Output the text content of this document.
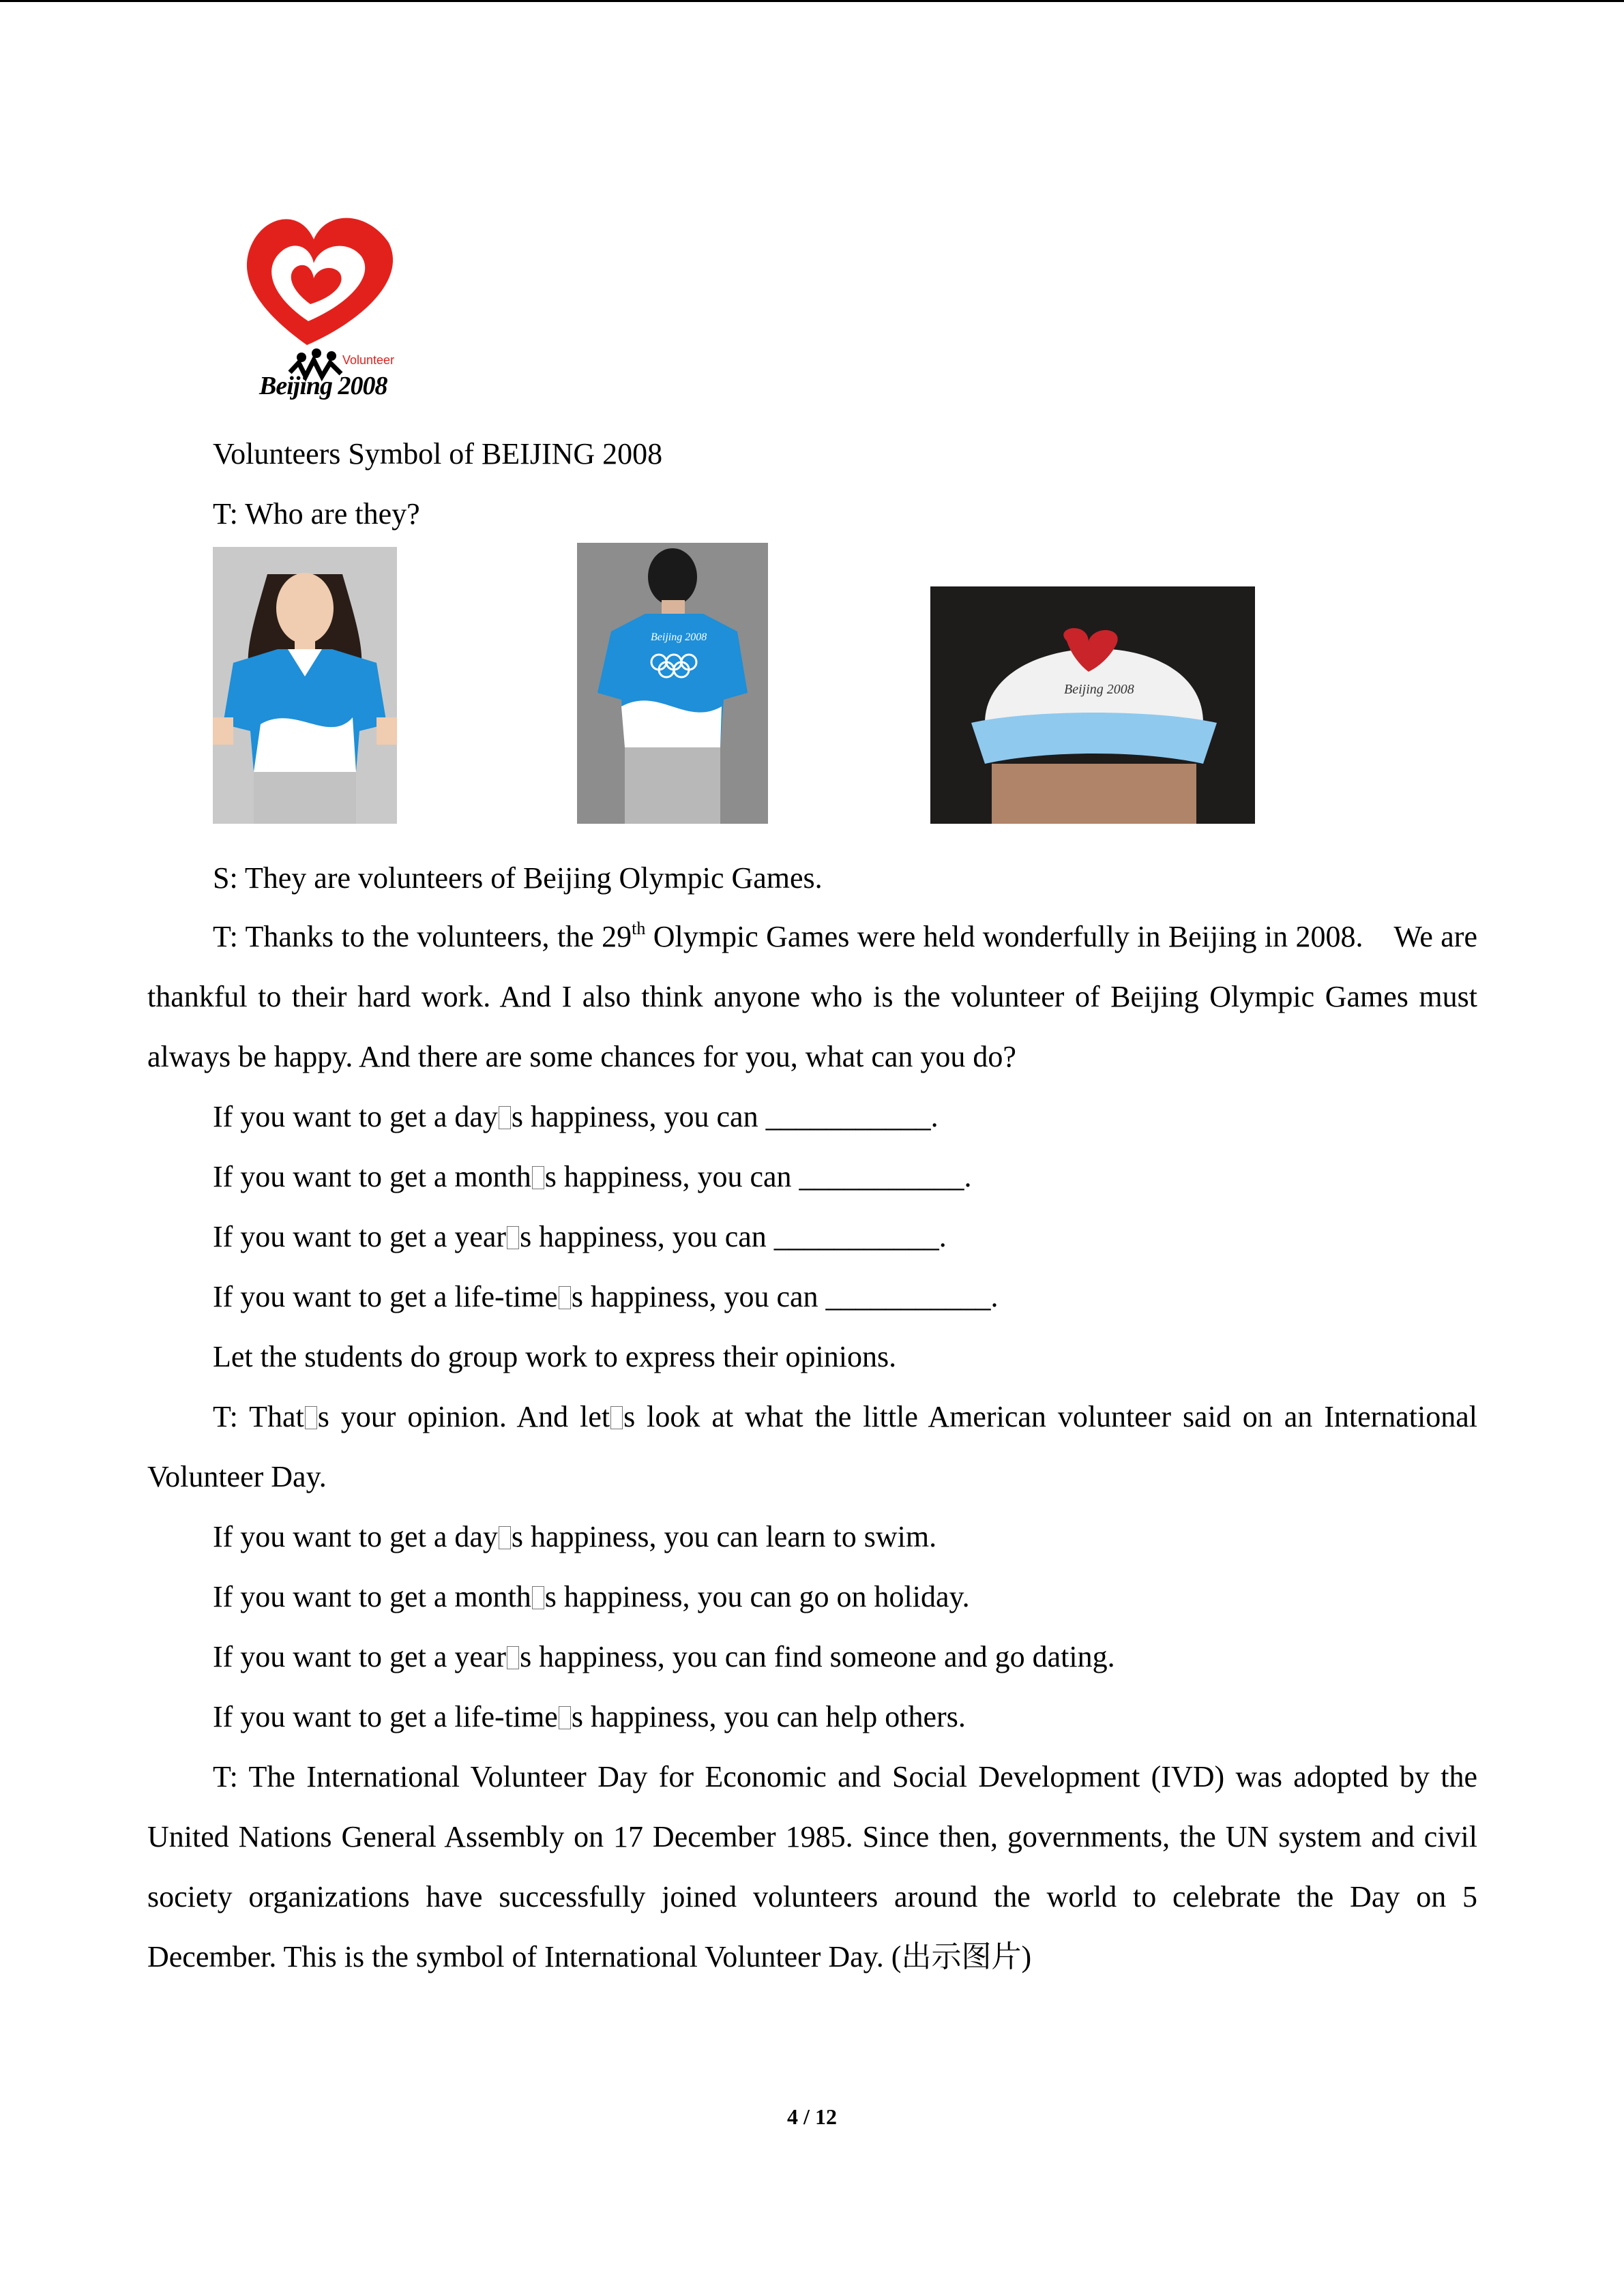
Volunteer
Beijing 2008
Volunteers Symbol of BEIJING 2008
T: Who are they?
Beijing 2008
Beijing 2008
S: They are volunteers of Beijing Olympic Games.
T: Thanks to the volunteers, the 29th Olympic Games were held wonderfully in Beijing in 2008.　We are thankful to their hard work. And I also think anyone who is the volunteer of Beijing Olympic Games must always be happy. And there are some chances for you, what can you do?
If you want to get a day s happiness, you can ___________.
If you want to get a month s happiness, you can ___________.
If you want to get a year s happiness, you can ___________.
If you want to get a life-time s happiness, you can ___________.
Let the students do group work to express their opinions.
T: That s your opinion. And let s look at what the little American volunteer said on an International Volunteer Day.
If you want to get a day s happiness, you can learn to swim.
If you want to get a month s happiness, you can go on holiday.
If you want to get a year s happiness, you can find someone and go dating.
If you want to get a life-time s happiness, you can help others.
T: The International Volunteer Day for Economic and Social Development (IVD) was adopted by the United Nations General Assembly on 17 December 1985. Since then, governments, the UN system and civil society organizations have successfully joined volunteers around the world to celebrate the Day on 5 December. This is the symbol of International Volunteer Day. (出示图片)
4 / 12
